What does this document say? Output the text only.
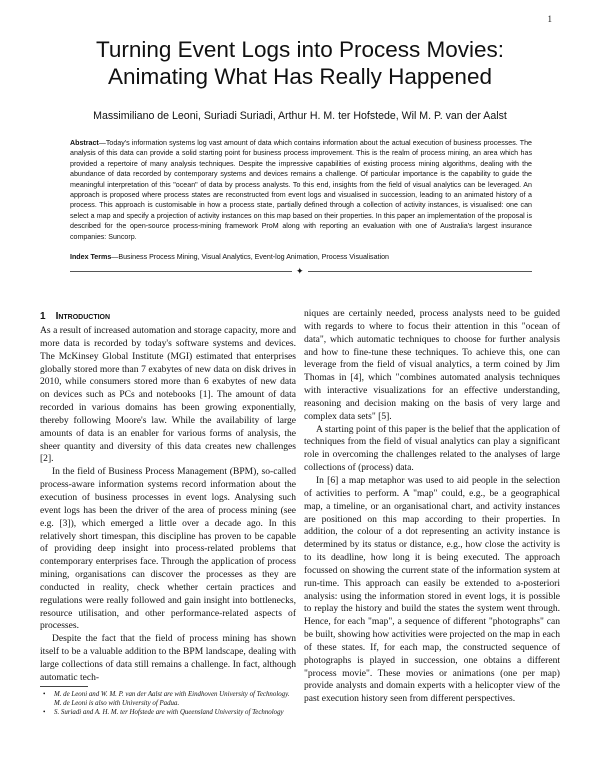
1
Turning Event Logs into Process Movies:
Animating What Has Really Happened
Massimiliano de Leoni, Suriadi Suriadi, Arthur H. M. ter Hofstede, Wil M. P. van der Aalst

Abstract—Today's information systems log vast amount of data which contains information about the actual execution of business processes. The analysis of this data can provide a solid starting point for business process improvement. This is the realm of process mining, an area which has provided a repertoire of many analysis techniques. Despite the impressive capabilities of existing process mining algorithms, dealing with the abundance of data recorded by contemporary systems and devices remains a challenge. Of particular importance is the capability to guide the meaningful interpretation of this "ocean" of data by process analysts. To this end, insights from the field of visual analytics can be leveraged. An approach is proposed where process states are reconstructed from event logs and visualised in succession, leading to an animated history of a process. This approach is customisable in how a process state, partially defined through a collection of activity instances, is visualised: one can select a map and specify a projection of activity instances on this map based on their properties. In this paper an implementation of the proposal is described for the open-source process-mining framework ProM along with reporting an evaluation with one of Australia's largest insurance companies: Suncorp.

Index Terms—Business Process Mining, Visual Analytics, Event-log Animation, Process Visualisation

✦
1 Introduction

As a result of increased automation and storage capacity, more and more data is recorded by today's software systems and devices. The McKinsey Global Institute (MGI) estimated that enterprises globally stored more than 7 exabytes of new data on disk drives in 2010, while consumers stored more than 6 exabytes of new data on devices such as PCs and notebooks [1]. The amount of data recorded in various domains has been growing exponentially, thereby following Moore's law. While the availability of large amounts of data is an enabler for various forms of analysis, the sheer quantity and diversity of this data creates new challenges [2].

In the field of Business Process Management (BPM), so-called process-aware information systems record information about the execution of business processes in event logs. Analysing such event logs has been the driver of the area of process mining (see e.g. [3]), which emerged a little over a decade ago. In this relatively short timespan, this discipline has proven to be capable of providing deep insight into process-related problems that contemporary enterprises face. Through the application of process mining, organisations can discover the processes as they are conducted in reality, check whether certain practices and regulations were really followed and gain insight into bottlenecks, resource utilisation, and other performance-related aspects of processes.

Despite the fact that the field of process mining has shown itself to be a valuable addition to the BPM landscape, dealing with large collections of data still remains a challenge. In fact, although automatic tech-

niques are certainly needed, process analysts need to be guided with regards to where to focus their attention in this "ocean of data", which automatic techniques to choose for further analysis and how to fine-tune these techniques. To achieve this, one can leverage from the field of visual analytics, a term coined by Jim Thomas in [4], which "combines automated analysis techniques with interactive visualizations for an effective understanding, reasoning and decision making on the basis of very large and complex data sets" [5].

A starting point of this paper is the belief that the application of techniques from the field of visual analytics can play a significant role in overcoming the challenges related to the analyses of large collections of (process) data.

In [6] a map metaphor was used to aid people in the selection of activities to perform. A "map" could, e.g., be a geographical map, a timeline, or an organisational chart, and activity instances are positioned on this map according to their properties. In addition, the colour of a dot representing an activity instance is determined by its status or distance, e.g., how close the activity is to its deadline, how long it is being executed. The approach focussed on showing the current state of the information system at run-time. This approach can easily be extended to a-posteriori analysis: using the information stored in event logs, it is possible to replay the history and build the states the system went through. Hence, for each "map", a sequence of different "photographs" can be built, showing how activities were projected on the map in each of these states. If, for each map, the constructed sequence of photographs is played in succession, one obtains a different "process movie". These movies or animations (one per map) provide analysts and domain experts with a helicopter view of the past execution history seen from different perspectives.

• M. de Leoni and W. M. P. van der Aalst are with Eindhoven University of Technology. M. de Leoni is also with University of Padua.

• S. Suriadi and A. H. M. ter Hofstede are with Queensland University of Technology
